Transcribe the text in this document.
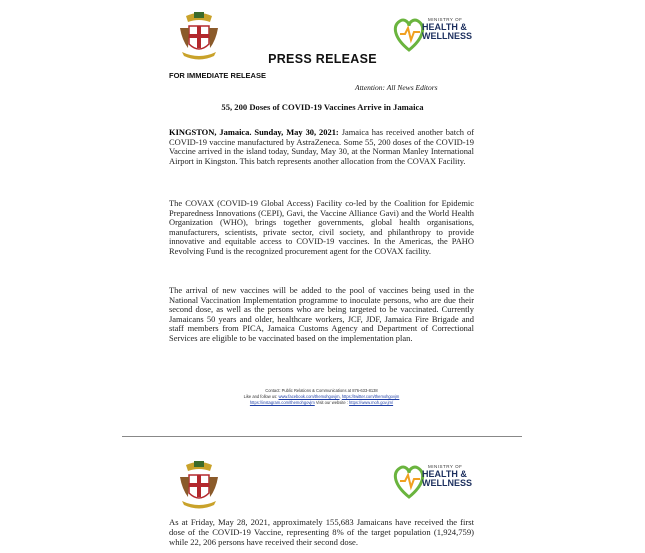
MINISTRY OF
HEALTH &
WELLNESS
PRESS RELEASE
FOR IMMEDIATE RELEASE
Attention: All News Editors
55, 200 Doses of COVID-19 Vaccines Arrive in Jamaica
KINGSTON, Jamaica. Sunday, May 30, 2021: Jamaica has received another batch of COVID-19 vaccine manufactured by AstraZeneca. Some 55, 200 doses of the COVID-19 Vaccine arrived in the island today, Sunday, May 30, at the Norman Manley International Airport in Kingston. This batch represents another allocation from the COVAX Facility.
The COVAX (COVID-19 Global Access) Facility co-led by the Coalition for Epidemic Preparedness Innovations (CEPI), Gavi, the Vaccine Alliance Gavi) and the World Health Organization (WHO), brings together governments, global health organisations, manufacturers, scientists, private sector, civil society, and philanthropy to provide innovative and equitable access to COVID-19 vaccines. In the Americas, the PAHO Revolving Fund is the recognized procurement agent for the COVAX facility.
The arrival of new vaccines will be added to the pool of vaccines being used in the National Vaccination Implementation programme to inoculate persons, who are due their second dose, as well as the persons who are being targeted to be vaccinated. Currently Jamaicans 50 years and older, healthcare workers, JCF, JDF, Jamaica Fire Brigade and staff members from PICA, Jamaica Customs Agency and Department of Correctional Services are eligible to be vaccinated based on the implementation plan.
Contact: Public Relations & Communications at 876-633-8138
Like and follow us: www.facebook.com/themohgovjm, https://twitter.com/themohgovjm
https://instagram.com/themohgovjm Visit our website : https://www.moh.gov.jm/
MINISTRY OF
HEALTH &
WELLNESS
As at Friday, May 28, 2021, approximately 155,683 Jamaicans have received the first dose of the COVID-19 Vaccine, representing 8% of the target population (1,924,759) while 22, 206 persons have received their second dose.
